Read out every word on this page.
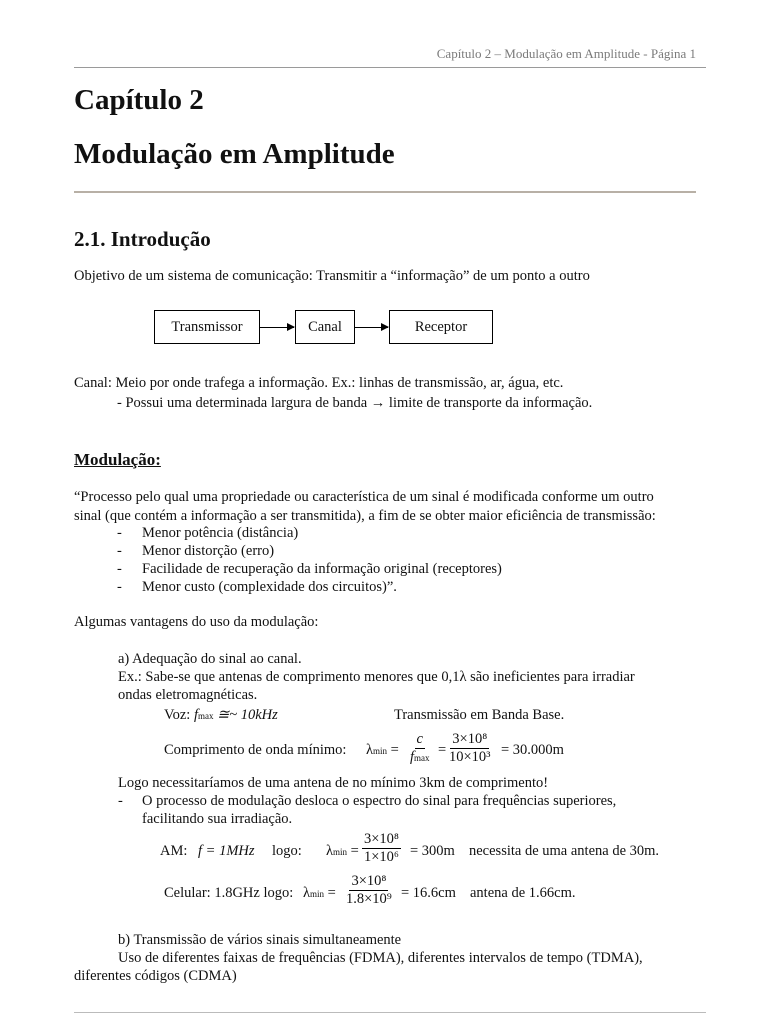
Capítulo 2 – Modulação em Amplitude - Página 1
Capítulo 2
Modulação em Amplitude
2.1. Introdução
Objetivo de um sistema de comunicação: Transmitir a “informação” de um ponto a outro
Transmissor	Canal	Receptor
Canal: Meio por onde trafega a informação. Ex.: linhas de transmissão, ar, água, etc.
- Possui uma determinada largura de banda → limite de transporte da informação.
Modulação:
“Processo pelo qual uma propriedade ou característica de um sinal é modificada conforme um outro
sinal (que contém a informação a ser transmitida), a fim de se obter maior eficiência de transmissão:
- Menor potência (distância)
- Menor distorção (erro)
- Facilidade de recuperação da informação original (receptores)
- Menor custo (complexidade dos circuitos)”.
Algumas vantagens do uso da modulação:
a) Adequação do sinal ao canal.
Ex.: Sabe-se que antenas de comprimento menores que 0,1λ são ineficientes para irradiar
ondas eletromagnéticas.
Voz: fmax ≅~ 10kHz	Transmissão em Banda Base.
Comprimento de onda mínimo: λmin =
c
$fmax = \frac{\text{3×10⁸}}{\text{10×10³}} = 30.000m$
Logo necessitaríamos de uma antena de no mínimo 3km de comprimento!
- O processo de modulação desloca o espectro do sinal para frequências superiores,
facilitando sua irradiação.
AM: f = 1MHz logo: $\lambda\min = \frac{\text{3×10⁸}}{\text{1×10⁶}} = 300m$ necessita de uma antena de 30m.
Celular: 1.8GHz logo: $\lambda\min = \frac{\text{3×10⁸}}{\text{1.8×10⁹}} = 16.6cm$ antena de 1.66cm.
b) Transmissão de vários sinais simultaneamente
Uso de diferentes faixas de frequências (FDMA), diferentes intervalos de tempo (TDMA),
diferentes códigos (CDMA)
